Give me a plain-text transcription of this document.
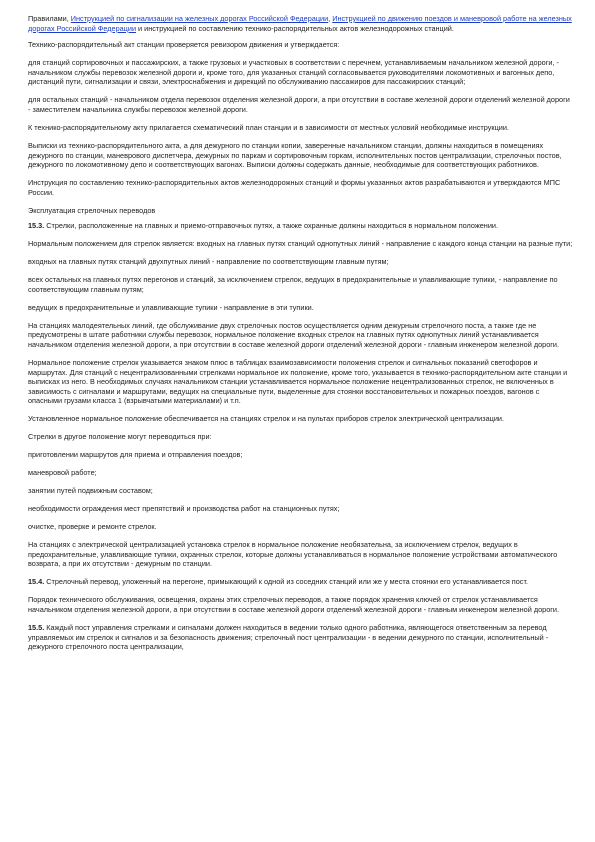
Правилами, Инструкцией по сигнализации на железных дорогах Российской Федерации, Инструкцией по движению поездов и маневровой работе на железных дорогах Российской Федерации и инструкцией по составлению технико-распорядительных актов железнодорожных станций.

Технико-распорядительный акт станции проверяется ревизором движения и утверждается:

для станций сортировочных и пассажирских, а также грузовых и участковых в соответствии с перечнем, устанавливаемым начальником железной дороги, - начальником службы перевозок железной дороги и, кроме того, для указанных станций согласовывается руководителями локомотивных и вагонных депо, дистанций пути, сигнализации и связи, электроснабжения и дирекций по обслуживанию пассажиров для пассажирских станций;

для остальных станций - начальником отдела перевозок отделения железной дороги, а при отсутствии в составе железной дороги отделений железной дороги - заместителем начальника службы перевозок железной дороги.

К технико-распорядительному акту прилагается схематический план станции и в зависимости от местных условий необходимые инструкции.

Выписки из технико-распорядительного акта, а для дежурного по станции копии, заверенные начальником станции, должны находиться в помещениях дежурного по станции, маневрового диспетчера, дежурных по паркам и сортировочным горкам, исполнительных постов централизации, стрелочных постов, дежурного по локомотивному депо и соответствующих вагонах. Выписки должны содержать данные, необходимые для соответствующих работников.

Инструкция по составлению технико-распорядительных актов железнодорожных станций и формы указанных актов разрабатываются и утверждаются МПС России.

Эксплуатация стрелочных переводов

15.3. Стрелки, расположенные на главных и приемо-отправочных путях, а также охранные должны находиться в нормальном положении.

Нормальным положением для стрелок является: входных на главных путях станций однопутных линий - направление с каждого конца станции на разные пути;

входных на главных путях станций двухпутных линий - направление по соответствующим главным путям;

всех остальных на главных путях перегонов и станций, за исключением стрелок, ведущих в предохранительные и улавливающие тупики, - направление по соответствующим главным путям;

ведущих в предохранительные и улавливающие тупики - направление в эти тупики.

На станциях малодеятельных линий, где обслуживание двух стрелочных постов осуществляется одним дежурным стрелочного поста, а также где не предусмотрены в штате работники службы перевозок, нормальное положение входных стрелок на главных путях однопутных линий устанавливается начальником отделения железной дороги, а при отсутствии в составе железной дороги отделений железной дороги - главным инженером железной дороги.

Нормальное положение стрелок указывается знаком плюс в таблицах взаимозависимости положения стрелок и сигнальных показаний светофоров и маршрутах. Для станций с нецентрализованными стрелками нормальное их положение, кроме того, указывается в технико-распорядительном акте станции и выписках из него. В необходимых случаях начальником станции устанавливается нормальное положение нецентрализованных стрелок, не включенных в зависимость с сигналами и маршрутами, ведущих на специальные пути, выделенные для стоянки восстановительных и пожарных поездов, вагонов с опасными грузами класса 1 (взрывчатыми материалами) и т.п.

Установленное нормальное положение обеспечивается на станциях стрелок и на пультах приборов стрелок электрической централизации.

Стрелки в другое положение могут переводиться при:

приготовлении маршрутов для приема и отправления поездов;

маневровой работе;

занятии путей подвижным составом;

необходимости ограждения мест препятствий и производства работ на станционных путях;

очистке, проверке и ремонте стрелок.

На станциях с электрической централизацией установка стрелок в нормальное положение необязательна, за исключением стрелок, ведущих в предохранительные, улавливающие тупики, охранных стрелок, которые должны устанавливаться в нормальное положение устройствами автоматического возврата, а при их отсутствии - дежурным по станции.

15.4. Стрелочный перевод, уложенный на перегоне, примыкающий к одной из соседних станций или же у места стоянки его устанавливается пост.

Порядок технического обслуживания, освещения, охраны этих стрелочных переводов, а также порядок хранения ключей от стрелок устанавливается начальником отделения железной дороги, а при отсутствии в составе железной дороги отделений железной дороги - главным инженером железной дороги.

15.5. Каждый пост управления стрелками и сигналами должен находиться в ведении только одного работника, являющегося ответственным за перевод управляемых им стрелок и сигналов и за безопасность движения; стрелочный пост централизации - в ведении дежурного по станции, исполнительный - дежурного стрелочного поста централизации,
